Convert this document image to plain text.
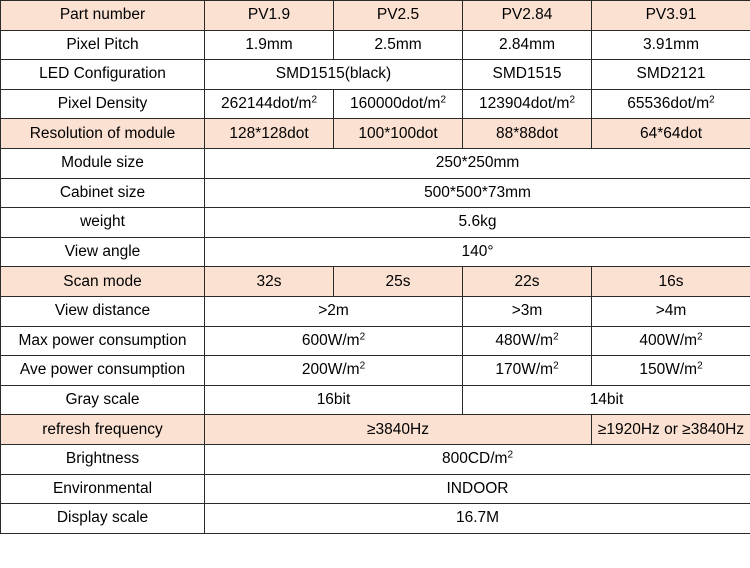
Part number	PV1.9	PV2.5	PV2.84	PV3.91
Pixel Pitch	1.9mm	2.5mm	2.84mm	3.91mm
LED Configuration	SMD1515(black)		SMD1515	SMD2121
Pixel Density	$262144dot/m^2$	$160000dot/m^2$	$123904dot/m^2$	$65536dot/m^2$
Resolution of module	128*128dot	100*100dot	88*88dot	64*64dot
Module size	250*250mm			
Cabinet size	500*500*73mm			
weight	5.6kg			
View angle	140°			
Scan mode	32s	25s	22s	16s
View distance	>2m		>3m	>4m
Max power consumption	$600W/m^2$		$480W/m^2$	$400W/m^2$
Ave power consumption	$200W/m^2$		$170W/m^2$	$150W/m^2$
Gray scale	16bit		14bit	
refresh frequency	≥3840Hz			≥1920Hz or ≥3840Hz
Brightness	$800CD/m^2$
Environmental	INDOOR			
Display scale	16.7M			
